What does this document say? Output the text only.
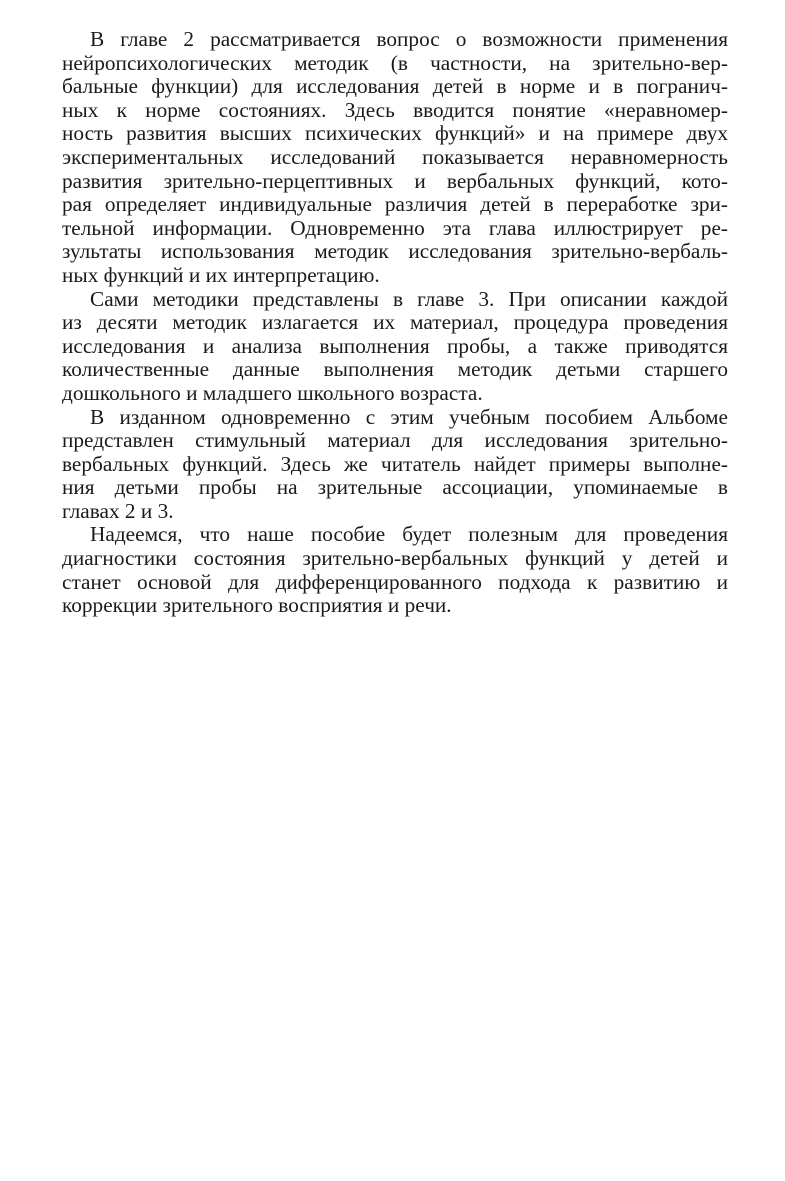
В главе 2 рассматривается вопрос о возможности применения
нейропсихологических методик (в частности, на зрительно-вер-
бальные функции) для исследования детей в норме и в погранич-
ных к норме состояниях. Здесь вводится понятие «неравномер-
ность развития высших психических функций» и на примере двух
экспериментальных исследований показывается неравномерность
развития зрительно-перцептивных и вербальных функций, кото-
рая определяет индивидуальные различия детей в переработке зри-
тельной информации. Одновременно эта глава иллюстрирует ре-
зультаты использования методик исследования зрительно-вербаль-
ных функций и их интерпретацию.
Сами методики представлены в главе 3. При описании каждой
из десяти методик излагается их материал, процедура проведения
исследования и анализа выполнения пробы, а также приводятся
количественные данные выполнения методик детьми старшего
дошкольного и младшего школьного возраста.
В изданном одновременно с этим учебным пособием Альбоме
представлен стимульный материал для исследования зрительно-
вербальных функций. Здесь же читатель найдет примеры выполне-
ния детьми пробы на зрительные ассоциации, упоминаемые в
главах 2 и 3.
Надеемся, что наше пособие будет полезным для проведения
диагностики состояния зрительно-вербальных функций у детей и
станет основой для дифференцированного подхода к развитию и
коррекции зрительного восприятия и речи.
